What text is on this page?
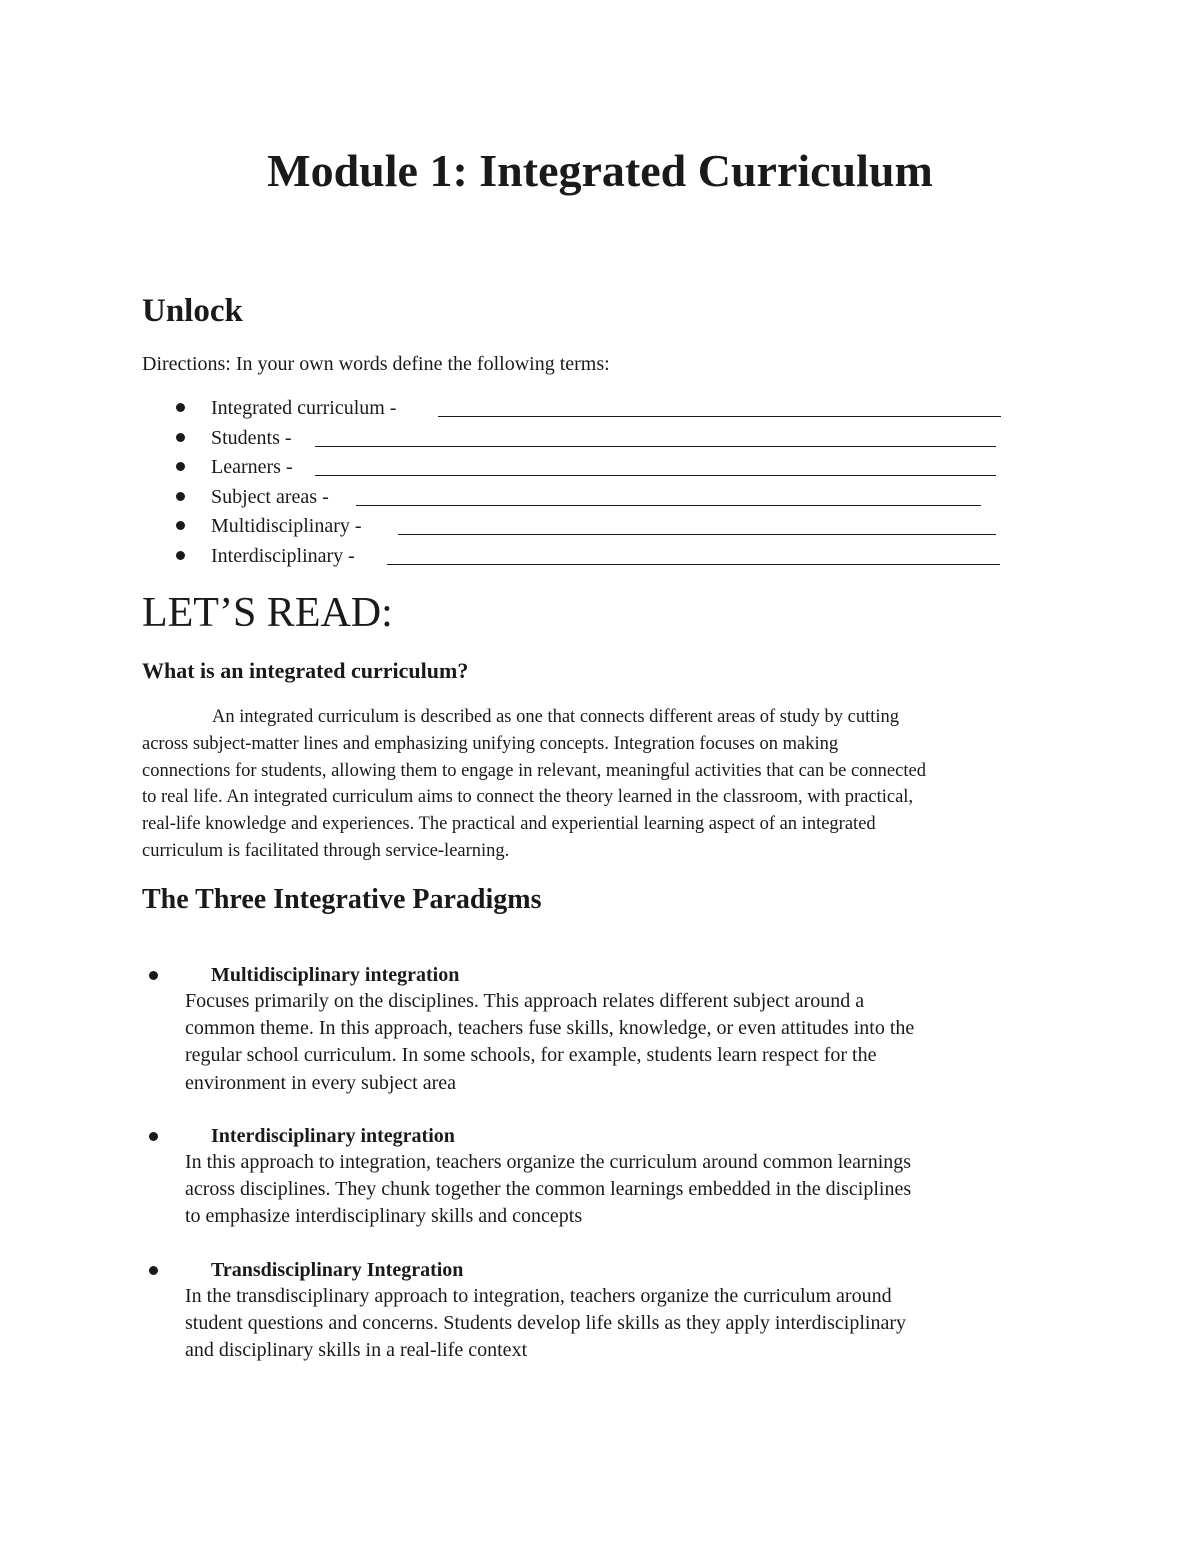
Module 1: Integrated Curriculum
Unlock

Directions: In your own words define the following terms:

Integrated curriculum -
Students -
Learners -
Subject areas -
Multidisciplinary -
Interdisciplinary -
LET’S READ:
What is an integrated curriculum?

An integrated curriculum is described as one that connects different areas of study by cutting
across subject-matter lines and emphasizing unifying concepts. Integration focuses on making
connections for students, allowing them to engage in relevant, meaningful activities that can be connected
to real life. An integrated curriculum aims to connect the theory learned in the classroom, with practical,
real-life knowledge and experiences. The practical and experiential learning aspect of an integrated
curriculum is facilitated through service-learning.

The Three Integrative Paradigms
Multidisciplinary integration

Focuses primarily on the disciplines. This approach relates different subject around a
common theme. In this approach, teachers fuse skills, knowledge, or even attitudes into the
regular school curriculum. In some schools, for example, students learn respect for the
environment in every subject area

Interdisciplinary integration

In this approach to integration, teachers organize the curriculum around common learnings
across disciplines. They chunk together the common learnings embedded in the disciplines
to emphasize interdisciplinary skills and concepts

Transdisciplinary Integration

In the transdisciplinary approach to integration, teachers organize the curriculum around
student questions and concerns. Students develop life skills as they apply interdisciplinary
and disciplinary skills in a real-life context
